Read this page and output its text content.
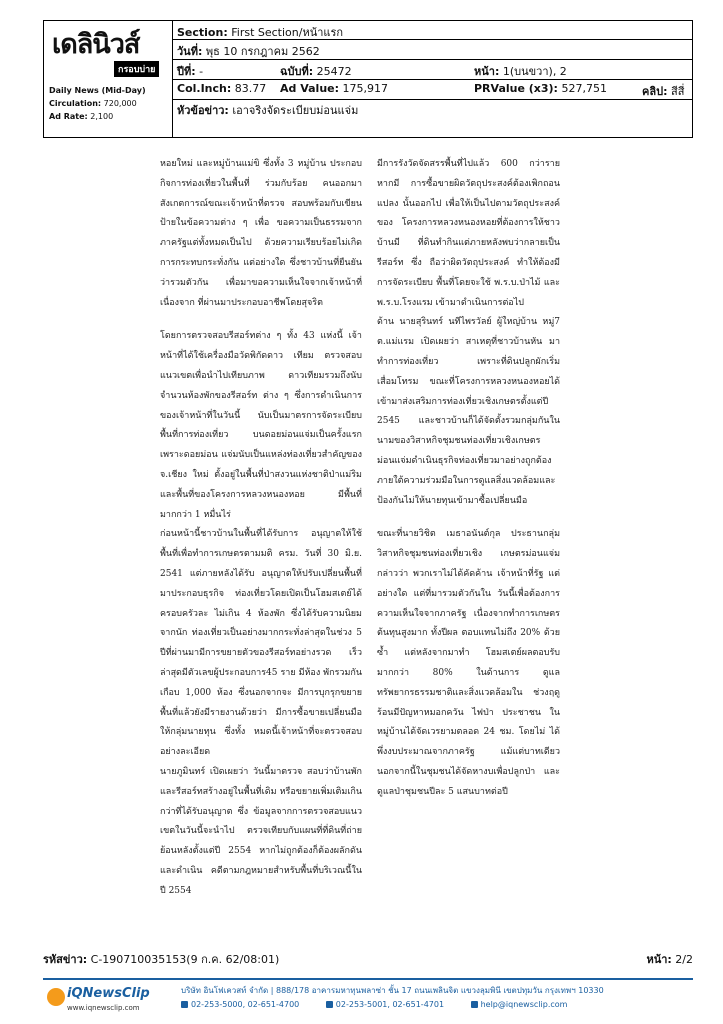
เดลินิวส์
กรอบบ่าย
Daily News (Mid-Day)
Circulation: 720,000
Ad Rate: 2,100
Section: First Section/หน้าแรก
วันที่: พุธ 10 กรกฎาคม 2562
ปีที่: -	ฉบับที่: 25472	หน้า: 1(บนขวา), 2
Col.Inch: 83.77 Ad Value: 175,917	PRValue (x3): 527,751	คลิป: สีสี่
หัวข้อข่าว: เอาจริงจัดระเบียบม่อนแจ่ม

หอยใหม่ และหมู่บ้านแม่ขิ ซึ่งทั้ง 3 หมู่บ้าน ประกอบกิจการท่องเที่ยวในพื้นที่ ร่วมกับร้อย คนออกมาสังเกตการณ์ขณะเจ้าหน้าที่ตรวจ สอบพร้อมกับเขียนป้ายในข้อความต่าง ๆ เพื่อ ขอความเป็นธรรมจากภาครัฐแต่ทั้งหมดเป็นไป ด้วยความเรียบร้อยไม่เกิดการกระทบกระทั่งกัน แต่อย่างใด ซึ่งชาวบ้านที่ยืนยันว่ารวมตัวกัน เพื่อมาขอความเห็นใจจากเจ้าหน้าที่เนื่องจาก ที่ผ่านมาประกอบอาชีพโดยสุจริต

โดยการตรวจสอบรีสอร์ทต่าง ๆ ทั้ง 43 แห่งนี้ เจ้าหน้าที่ได้ใช้เครื่องมือวัดพิกัดดาว เทียม ตรวจสอบแนวเขตเพื่อนำไปเทียบภาพ ดาวเทียมรวมถึงนับจำนวนห้องพักของรีสอร์ท ต่าง ๆ ซึ่งการดำเนินการของเจ้าหน้าที่ในวันนี้ นับเป็นมาตรการจัดระเบียบพื้นที่การท่องเที่ยว บนดอยม่อนแจ่มเป็นครั้งแรก เพราะดอยม่อน แจ่มนับเป็นแหล่งท่องเที่ยวสำคัญของ จ.เชียง ใหม่ ตั้งอยู่ในพื้นที่ป่าสงวนแห่งชาติป่าแม่ริม และพื้นที่ของโครงการหลวงหนองหอย มีพื้นที่ มากกว่า 1 หมื่นไร่

ก่อนหน้านี้ชาวบ้านในพื้นที่ได้รับการ อนุญาตให้ใช้พื้นที่เพื่อทำการเกษตรตามมติ ครม. วันที่ 30 มิ.ย. 2541 แต่ภายหลังได้รับ อนุญาตให้ปรับเปลี่ยนพื้นที่มาประกอบธุรกิจ ท่องเที่ยวโดยเปิดเป็นโฮมสเตย์ได้ครอบครัวละ ไม่เกิน 4 ห้องพัก ซึ่งได้รับความนิยมจากนัก ท่องเที่ยวเป็นอย่างมากกระทั่งล่าสุดในช่วง 5 ปีที่ผ่านมามีการขยายตัวของรีสอร์ทอย่างรวด เร็ว ล่าสุดมีตัวเลขผู้ประกอบการ45 ราย มีห้อง พักรวมกันเกือบ 1,000 ห้อง ซึ่งนอกจากจะ มีการบุกรุกขยายพื้นที่แล้วยังมีรายงานด้วยว่า มีการซื้อขายเปลี่ยนมือให้กลุ่มนายทุน ซึ่งทั้ง หมดนี้เจ้าหน้าที่จะตรวจสอบอย่างละเอียด

นายภูมินทร์ เปิดเผยว่า วันนี้มาตรวจ สอบว่าบ้านพักและรีสอร์ทสร้างอยู่ในพื้นที่เดิม หรือขยายเพิ่มเติมเกินกว่าที่ได้รับอนุญาต ซึ่ง ข้อมูลจากการตรวจสอบแนวเขตในวันนี้จะนำไป ตรวจเทียบกับแผนที่ที่ดินที่ถ่ายย้อนหลังตั้งแต่ปี 2554 หากไม่ถูกต้องก็ต้องผลักดัน และดำเนิน คดีตามกฎหมายสำหรับพื้นที่บริเวณนี้ในปี 2554

มีการรังวัดจัดสรรพื้นที่ไปแล้ว 600 กว่าราย หากมี การซื้อขายผิดวัตถุประสงค์ต้องเพิกถอนแปลง นั้นออกไป เพื่อให้เป็นไปตามวัตถุประสงค์ของ โครงการหลวงหนองหอยที่ต้องการให้ชาวบ้านมี ที่ดินทำกินแต่ภายหลังพบว่ากลายเป็นรีสอร์ท ซึ่ง ถือว่าผิดวัตถุประสงค์ ทำให้ต้องมีการจัดระเบียบ พื้นที่โดยจะใช้ พ.ร.บ.ป่าไม้ และ พ.ร.บ.โรงแรม เข้ามาดำเนินการต่อไป

ด้าน นายสุรินทร์ นทีไพรวัลย์ ผู้ใหญ่บ้าน หมู่7 ต.แม่แรม เปิดเผยว่า สาเหตุที่ชาวบ้านหัน มาทำการท่องเที่ยว เพราะที่ดินปลูกผักเริ่ม เสื่อมโทรม ขณะที่โครงการหลวงหนองหอยได้ เข้ามาส่งเสริมการท่องเที่ยวเชิงเกษตรตั้งแต่ปี 2545 และชาวบ้านก็ได้จัดตั้งรวมกลุ่มกันใน นามของวิสาหกิจชุมชนท่องเที่ยวเชิงเกษตร ม่อนแจ่มดำเนินธุรกิจท่องเที่ยวมาอย่างถูกต้อง ภายใต้ความร่วมมือในการดูแลสิ่งแวดล้อมและ ป้องกันไม่ให้นายทุนเข้ามาซื้อเปลี่ยนมือ

ขณะที่นายวิชิต เมธาอนันต์กุล ประธานกลุ่มวิสาหกิจชุมชนท่องเที่ยวเชิง เกษตรม่อนแจ่ม กล่าวว่า พวกเราไม่ได้คัดค้าน เจ้าหน้าที่รัฐ แต่อย่างใด แต่ที่มารวมตัวกันใน วันนี้เพื่อต้องการความเห็นใจจากภาครัฐ เนื่องจากทำการเกษตรต้นทุนสูงมาก ทั้งปีผล ตอบแทนไม่ถึง 20% ด้วยซ้ำ แต่หลังจากมาทำ โฮมสเตย์ผลตอบรับมากกว่า 80% ในด้านการ ดูแลทรัพยากรธรรมชาติและสิ่งแวดล้อมใน ช่วงฤดูร้อนมีปัญหาหมอกควัน ไฟป่า ประชาชน ในหมู่บ้านได้จัดเวรยามตลอด 24 ชม. โดยไม่ ได้พึ่งงบประมาณจากภาครัฐ แม้แต่บาทเดียว นอกจากนี้ในชุมชนได้จัดหางบเพื่อปลูกป่า และดูแลป่าชุมชนปีละ 5 แสนบาทต่อปี

รหัสข่าว: C-190710035153(9 ก.ค. 62/08:01)	หน้า: 2/2
iQNewsClip
www.iqnewsclip.com
บริษัท อินโฟเควสท์ จำกัด | 888/178 อาคารมหาทุนพลาซ่า ชั้น 17 ถนนเพลินจิต แขวงลุมพินี เขตปทุมวัน กรุงเทพฯ 10330
02-253-5000, 02-651-4700	02-253-5001, 02-651-4701	help@iqnewsclip.com
